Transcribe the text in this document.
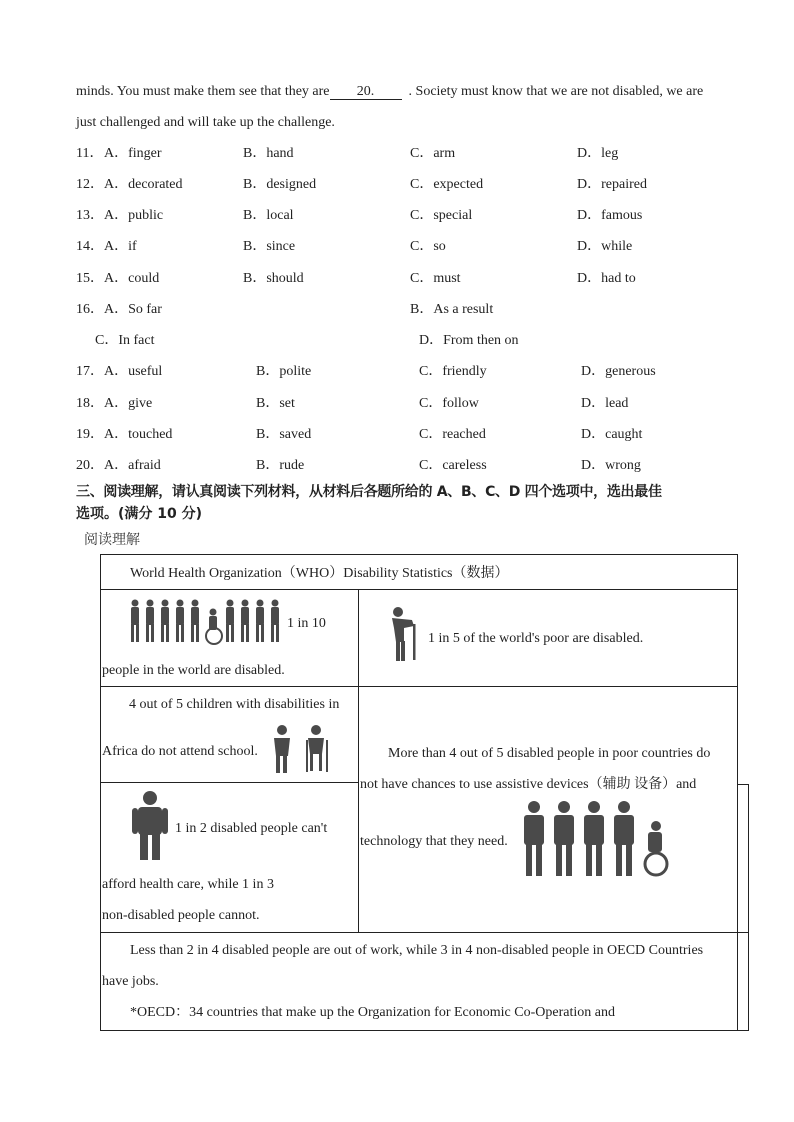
minds. You must make them see that they are 20. . Society must know that we are not disabled, we are
just challenged and will take up the challenge.
11． A．finger	B．hand	C．arm	D．leg
12． A．decorated	B．designed	C．expected	D．repaired
13． A．public	B．local	C．special	D．famous
14． A．if	B．since	C．so	D．while
15． A．could	B．should	C．must	D．had to
16． A．So far	B．As a result
C．In fact	D．From then on
17． A．useful	B．polite	C．friendly	D．generous
18． A．give	B．set	C．follow	D．lead
19． A．touched	B．saved	C．reached	D．caught
20． A．afraid	B．rude	C．careless	D．wrong
三、阅读理解，请认真阅读下列材料，从材料后各题所给的 A、B、C、D 四个选项中，选出最佳
选项。(满分 10 分)
阅读理解
World Health Organization（WHO）Disability Statistics（数据）
1 in 10
people in the world are disabled.
1 in 5 of the world's poor are disabled.
4 out of 5 children with disabilities in
Africa do not attend school.	More than 4 out of 5 disabled people in poor countries do
not have chances to use assistive devices（辅助 设备）and
technology that they need.
1 in 2 disabled people can't
afford health care, while 1 in 3
non-disabled people cannot.
Less than 2 in 4 disabled people are out of work, while 3 in 4 non-disabled people in OECD Countries
have jobs.
*OECD：34 countries that make up the Organization for Economic Co-Operation and
